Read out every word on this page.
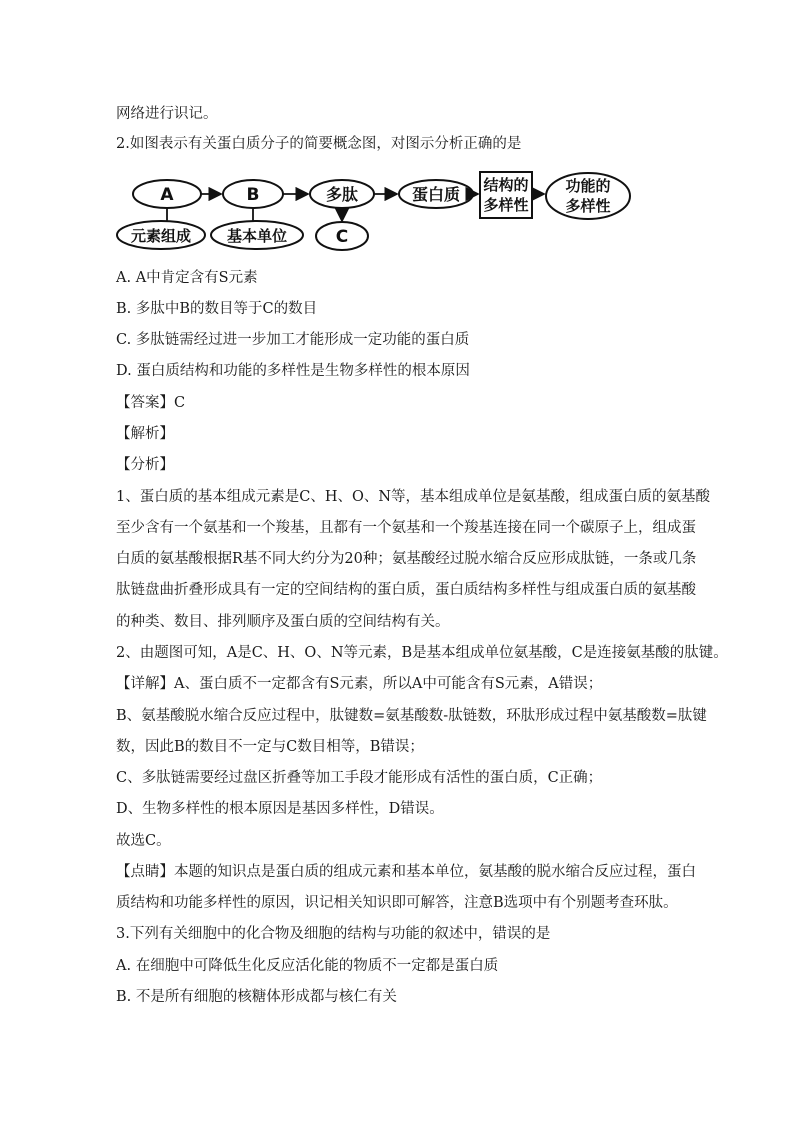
网络进行识记。
2.如图表示有关蛋白质分子的简要概念图，对图示分析正确的是
A	B	多肽	蛋白质 结构的
多样性
功能的
多样性
元素组成 基本单位	C
A. A中肯定含有S元素
B. 多肽中B的数目等于C的数目
C. 多肽链需经过进一步加工才能形成一定功能的蛋白质
D. 蛋白质结构和功能的多样性是生物多样性的根本原因
【答案】C
【解析】
【分析】
1、蛋白质的基本组成元素是C、H、O、N等，基本组成单位是氨基酸，组成蛋白质的氨基酸
至少含有一个氨基和一个羧基，且都有一个氨基和一个羧基连接在同一个碳原子上，组成蛋
白质的氨基酸根据R基不同大约分为20种；氨基酸经过脱水缩合反应形成肽链，一条或几条
肽链盘曲折叠形成具有一定的空间结构的蛋白质，蛋白质结构多样性与组成蛋白质的氨基酸
的种类、数目、排列顺序及蛋白质的空间结构有关。
2、由题图可知，A是C、H、O、N等元素，B是基本组成单位氨基酸，C是连接氨基酸的肽键。
【详解】A、蛋白质不一定都含有S元素，所以A中可能含有S元素，A错误；
B、氨基酸脱水缩合反应过程中，肽键数=氨基酸数-肽链数，环肽形成过程中氨基酸数=肽键
数，因此B的数目不一定与C数目相等，B错误；
C、多肽链需要经过盘区折叠等加工手段才能形成有活性的蛋白质，C正确；
D、生物多样性的根本原因是基因多样性，D错误。
故选C。
【点睛】本题的知识点是蛋白质的组成元素和基本单位，氨基酸的脱水缩合反应过程，蛋白
质结构和功能多样性的原因，识记相关知识即可解答，注意B选项中有个别题考查环肽。
3.下列有关细胞中的化合物及细胞的结构与功能的叙述中，错误的是
A. 在细胞中可降低生化反应活化能的物质不一定都是蛋白质
B. 不是所有细胞的核糖体形成都与核仁有关
